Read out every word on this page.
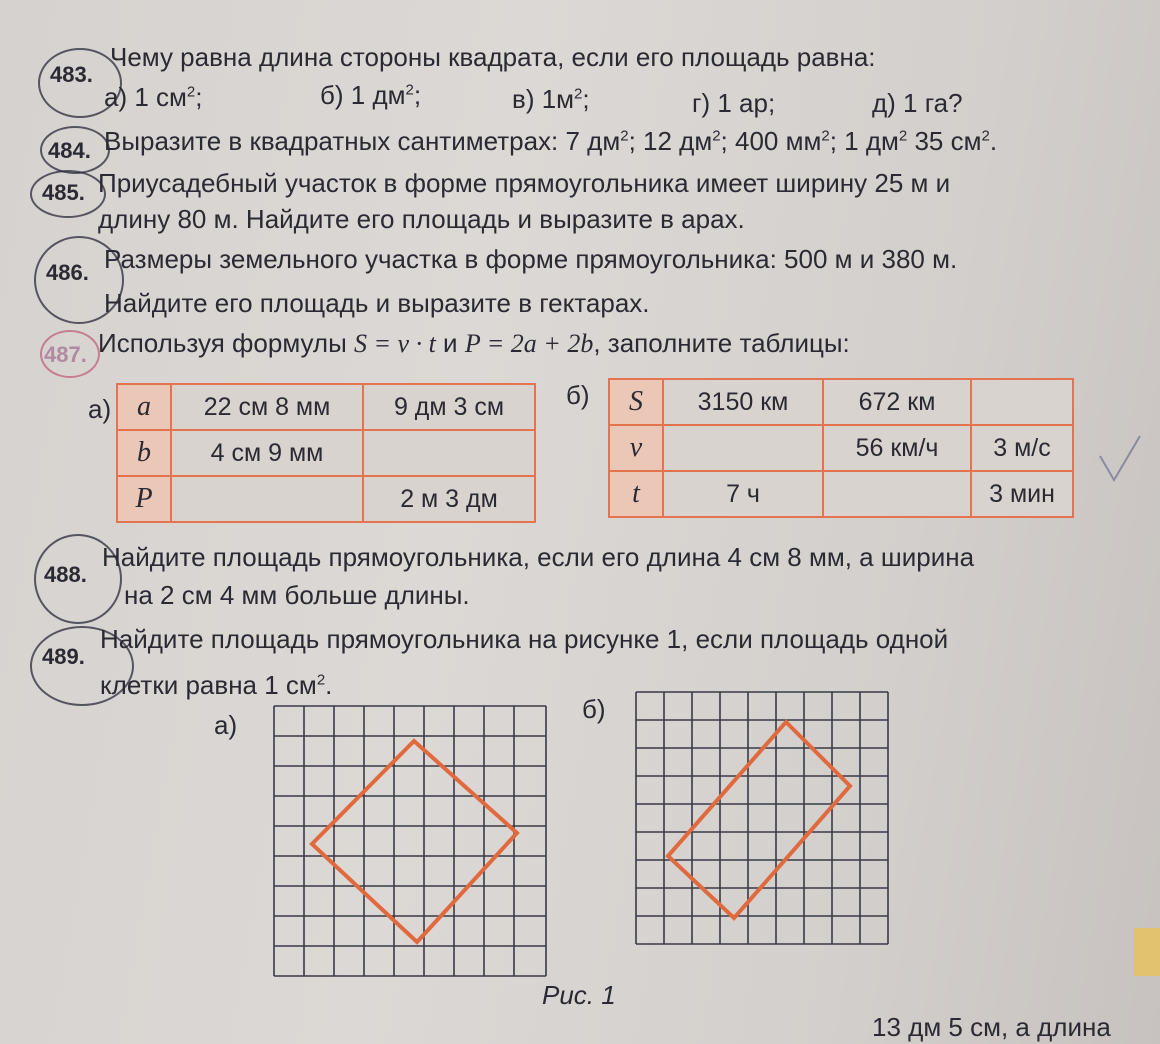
483.
Чему равна длина стороны квадрата, если его площадь равна:
а) 1 $см^2$;	б) 1 $дм^2$;	в) $1м^2$;	г) 1 ар;	д) 1 га?
484. Выразите в квадратных сантиметрах: 7 $дм^2$; 12 $дм^2$; 400 $мм^2$; 1 $дм^2$ 35 $см^2$.
485. Приусадебный участок в форме прямоугольника имеет ширину 25 м и
длину 80 м. Найдите его площадь и выразите в арах.
486. Размеры земельного участка в форме прямоугольника: 500 м и 380 м.
Найдите его площадь и выразите в гектарах.
487. Используя формулы S = v · t и P = 2a + 2b, заполните таблицы:
а) a	22 см 8 мм	9 дм 3 см
b	4 см 9 мм	
P		2 м 3 дм
б) S	3150 км	672 км	
v		56 км/ч	3 м/с
t	7 ч		3 мин
488.
Найдите площадь прямоугольника, если его длина 4 см 8 мм, а ширина
на 2 см 4 мм больше длины.
489.
Найдите площадь прямоугольника на рисунке 1, если площадь одной
клетки равна 1 $см^2$.
а)
б)
Рис. 1
13 дм 5 см, а длина
